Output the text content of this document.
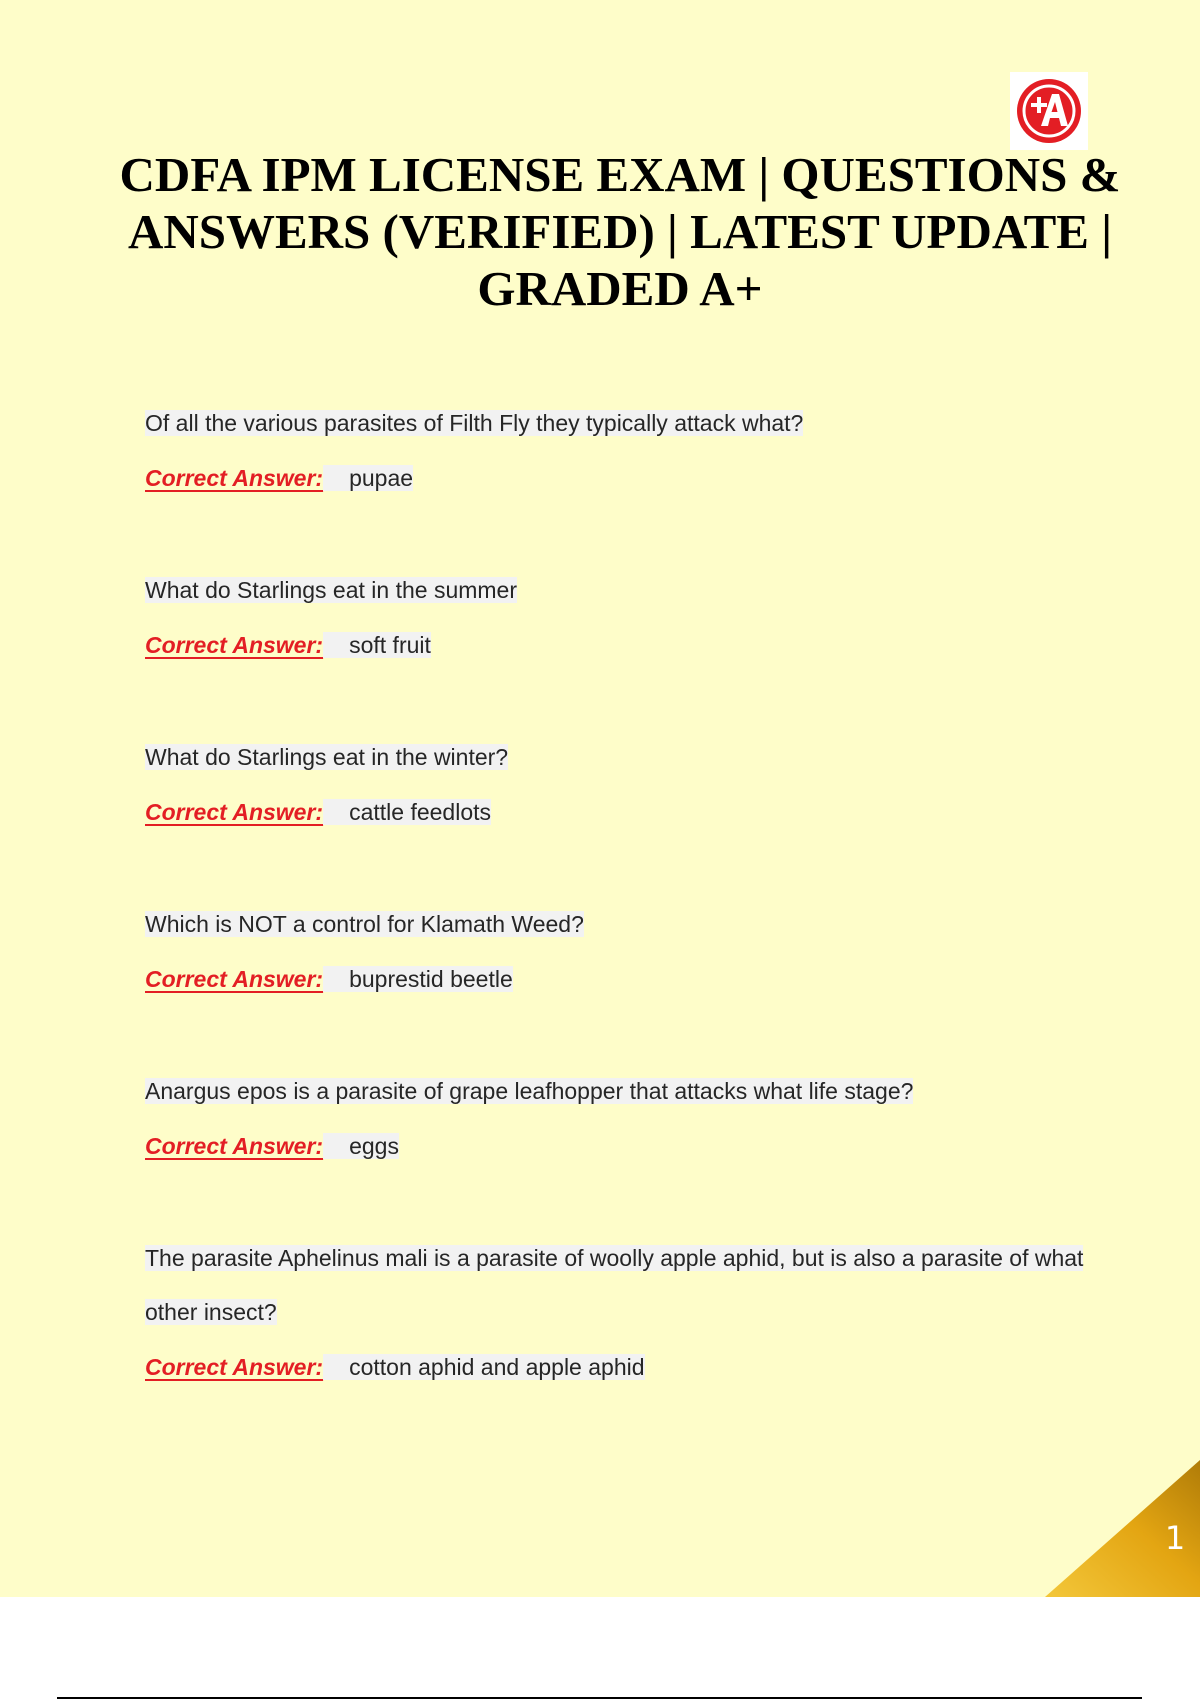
CDFA IPM LICENSE EXAM | QUESTIONS & ANSWERS (VERIFIED) | LATEST UPDATE | GRADED A+

Of all the various parasites of Filth Fly they typically attack what?

Correct Answer: pupae

What do Starlings eat in the summer

Correct Answer: soft fruit

What do Starlings eat in the winter?

Correct Answer: cattle feedlots

Which is NOT a control for Klamath Weed?

Correct Answer: buprestid beetle

Anargus epos is a parasite of grape leafhopper that attacks what life stage?

Correct Answer: eggs

The parasite Aphelinus mali is a parasite of woolly apple aphid, but is also a parasite of what other insect?

Correct Answer: cotton aphid and apple aphid

1
